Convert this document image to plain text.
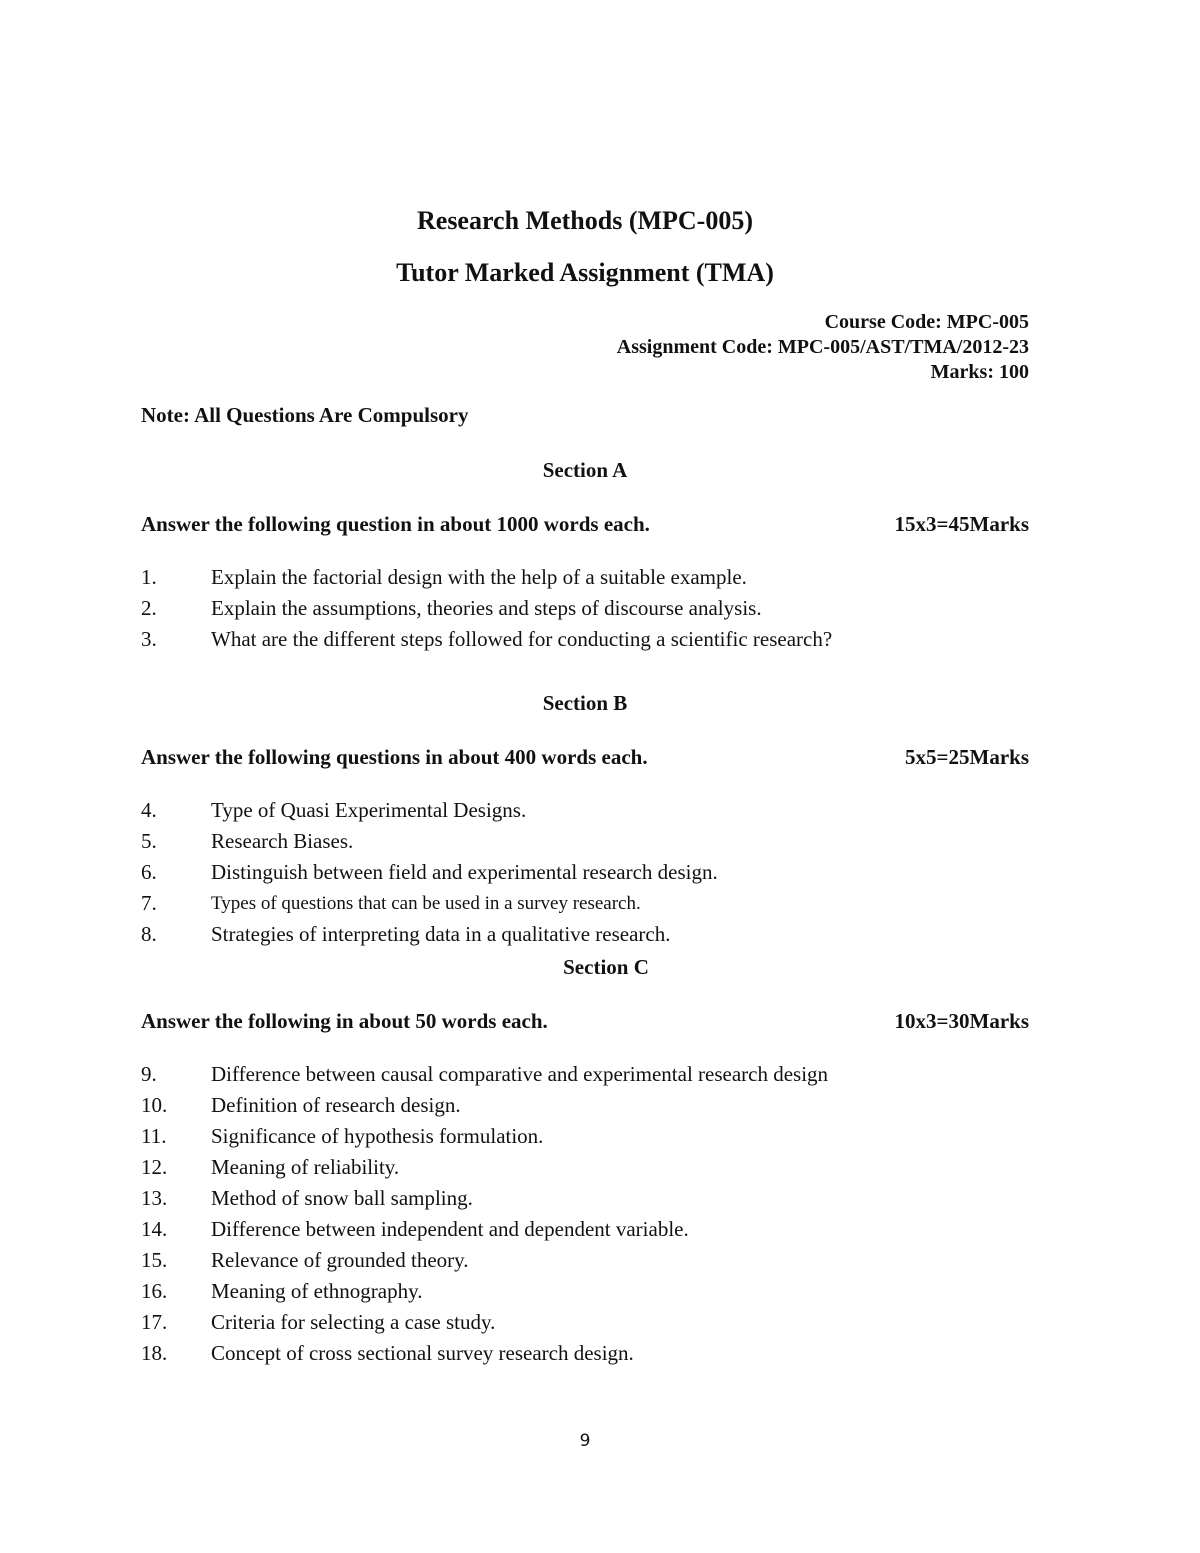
Research Methods (MPC-005)
Tutor Marked Assignment (TMA)
Course Code: MPC-005
Assignment Code: MPC-005/AST/TMA/2012-23
Marks: 100
Note: All Questions Are Compulsory
Section A
Answer the following question in about 1000 words each.	15x3=45Marks
1.	Explain the factorial design with the help of a suitable example.
2.	Explain the assumptions, theories and steps of discourse analysis.
3.	What are the different steps followed for conducting a scientific research?
Section B
Answer the following questions in about 400 words each.	5x5=25Marks
4.	Type of Quasi Experimental Designs.
5.	Research Biases.
6.	Distinguish between field and experimental research design.
7.	Types of questions that can be used in a survey research.
8.	Strategies of interpreting data in a qualitative research.
Section C
Answer the following in about 50 words each.	10x3=30Marks
9.	Difference between causal comparative and experimental research design
10.	Definition of research design.
11.	Significance of hypothesis formulation.
12.	Meaning of reliability.
13.	Method of snow ball sampling.
14.	Difference between independent and dependent variable.
15.	Relevance of grounded theory.
16.	Meaning of ethnography.
17.	Criteria for selecting a case study.
18.	Concept of cross sectional survey research design.
9
